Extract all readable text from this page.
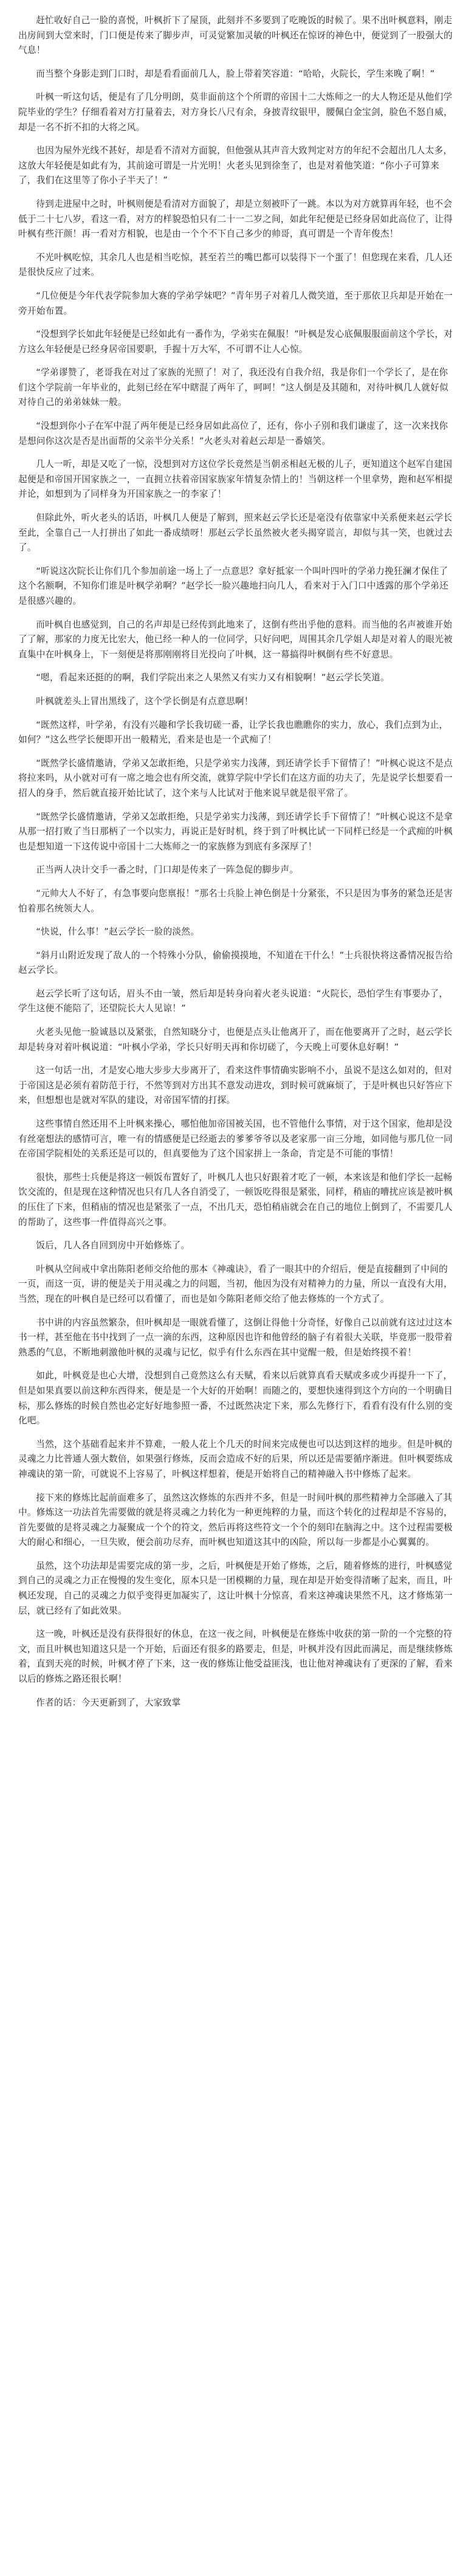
赶忙收好自己一脸的喜悦，叶枫折下了屋顶，此刻并不多要到了吃晚饭的时候了。果不出叶枫意料，刚走出房间到大堂来时，门口便是传来了脚步声，可灵觉繁加灵敏的叶枫还在惊讶的神色中，便觉到了一股强大的气息！

而当整个身影走到门口时，却是看看面前几人，脸上带着笑容道：“哈哈，火院长，学生来晚了啊！”

叶枫一听这句话，便是有了几分明朗，莫非面前这个个所谓的帝国十二大炼师之一的大人物还是从他们学院毕业的学生？仔细看着对方打量着去，对方身长八尺有余，身披青纹银甲，腰佩白金宝剑，脸色不怒自威，却是一名不折不扣的大将之风。

也因为屋外光线不甚好，却是看不清对方面貌，但他强从其声音大致判定对方的年纪不会超出几人太多，这放大年轻便是如此有为，其前途可谓是一片光明！火老头见到徐奎了，也是对着他笑道：“你小子可算来了，我们在这里等了你小子半天了！”

待到走进屋中之时，叶枫则便是看清对方面貌了，却是立刻被吓了一跳。本以为对方就算再年轻，也不会低于二十七八岁，看这一看，对方的样貌恐怕只有二十一二岁之间，如此年纪便是已经身居如此高位了，让得叶枫有些汗颜！再一看对方相貌，也是由一个个不下自己多少的帅哥，真可谓是一个青年俊杰！

不光叶枫吃惊，其余几人也是相当吃惊，甚至若兰的嘴巴都可以装得下一个蛋了！但您现在来看，几人还是很快反应了过来。

“几位便是今年代表学院参加大赛的学弟学妹吧？”青年男子对着几人微笑道，至于那依卫兵却是开始在一旁开始布置。

“没想到学长如此年轻便是已经如此有一番作为，学弟实在佩服！”叶枫是发心底佩服服面前这个学长，对方这么年轻便是已经身居帝国要职，手握十万大军，不可谓不让人心惊。

“学弟谬赞了，老哥我在对过了家族的光照了！对了，我还没有自我介绍，我是你们一个学长了，是在你们这个学院前一年毕业的，此刻已经在军中瞎混了两年了，呵呵！”这人倒是及其随和，对待叶枫几人就好似对待自己的弟弟妹妹一般。

“没想到你小子在军中混了两年便是已经身居如此高位了，还有，你小子别和我们谦虚了，这一次来找你是想问你这次是否是出面帮的父亲半分关系！”火老头对着赵云却是一番嬉笑。

几人一听，却是又吃了一惊，没想到对方这位学长竟然是当朝丞相赵无极的儿子，更知道这个赵军自建国起便是和帝国开国家族之一，一直拥立扶着帝国家族家年情复杂情上的！当朝这样一个里拿势，跑和赵军相提并论，如想到为了同样身为开国家族之一的李家了！

但除此外，听火老头的话语，叶枫几人便是了解到，照来赵云学长还是毫没有依靠家中关系便来赵云学长至此，全靠自己一人打拼出了如此一番成绩呀！那赵云学长虽然被火老头揭穿谎言，却似与其一笑，也就过去了。

“听说这次院长让你们几个参加前途一场上了一点意思？拿好抵家一个叫叶四叶的学弟力挽狂澜才保住了这个名额啊，不知你们谁是叶枫学弟啊？”赵学长一脸兴趣地扫向几人，看来对于入门口中透露的那个学弟还是很感兴趣的。

而叶枫自也感觉到，自己的名声却是已经传到此地来了，这倒有些出乎他的意料。而当他的名声被谁开始了了解，那家的力度无比宏大，他已经一种人的一位同学，只好问吧，周围其余几学姐人却是对着人的眼光被直集中在叶枫身上，下一刻便是将那刚刚将目光投向了叶枫，这一幕搞得叶枫倒有些不好意思。

“嗯，看起来还挺的的啊，我们学院出来之人果然又有实力又有相貌啊！”赵云学长笑道。

叶枫就差头上冒出黑线了，这个学长倒是有点意思啊！

“既然这样，叶学弟，有没有兴趣和学长我切磋一番，让学长我也瞧瞧你的实力，放心，我们点到为止，如何？”这么些学长便即开出一般精光，看来是也是一个武痴了！

“既然学长盛情邀请，学弟又怎敢拒绝，只是学弟实力浅薄，到还请学长手下留情了！”叶枫心说这不是点将拉来吗，从小就对可有一席之地会也有所交流，就算学院中学长们在这方面的功夫了，先是说学长想要看一招人的身手，然后就直接开始比试了，这个来与人比试对于他来说早就是很平常了。

“既然学长盛情邀请，学弟又怎敢拒绝，只是学弟实力浅薄，到还请学长手下留情了！”叶枫心说这不是拿从那一招打败了当日那柄了一个以实力，再说正是好时机，终于到了叶枫比试一下同样已经是一个武痴的叶枫也是想知道一下这传说中帝国十二大炼师之一的家族修为到底有多深厚了！

正当两人决计交手一番之时，门口却是传来了一阵急促的脚步声。

“元帅大人不好了，有急事要向您禀报！”那名士兵脸上神色倒是十分紧张，不只是因为事务的紧急还是害怕着那名统领大人。

“快说，什么事！”赵云学长一脸的淡然。

“斜月山附近发现了敌人的一个特殊小分队，偷偷摸摸地，不知道在干什么！”士兵很快将这番情况报告给赵云学长。

赵云学长听了这句话，眉头不由一皱，然后却是转身向着火老头说道：“火院长，恐怕学生有事要办了，学生这便不能陪了，还望院长大人见谅！”

火老头见他一脸诚恳以及紧张，自然知晓分寸，也便是点头让他离开了，而在他要离开了之时，赵云学长却是转身对着叶枫说道：“叶枫小学弟，学长只好明天再和你切磋了，今天晚上可要休息好啊！”

这一句话一出，才是安心地大步步大步离开了，看来这件事情确实影响不小，虽说不是这么如对的，但对于帝国这是必须有着防范于行，不然等到对方出其不意发动进攻，到时候可就麻烦了，于是叶枫也只好答应下来，但想想也是就对军队的建设，对帝国军情的打探。

这些事情自然还用不上叶枫来操心，哪怕他加帝国被关国，也不管他什么事情，对于这个国家，他却是没有丝毫想法的感情可言，唯一有的情感便是已经逝去的爹爹爷爷以及老家那一亩三分地，如同他与那几位一同在帝国学院相处的关系还是可以的，但真要他为了这个国家拼上一条命，肯定是不可能的事情！

很快，那些士兵便是将这一顿饭布置好了，叶枫几人也只好跟着才吃了一顿，本来该是和他们学长一起畅饮交流的，但是现在这种情况也只有几人各自消受了，一顿饭吃得很是紧张，同样，稍庙的嘈扰应该是被叶枫的压住了下来，但稍庙的情况也是紧张了一点，不出几天，恐怕稍庙就会在自己的地位上倒到了，不需要几人的帮助了，这些事一件值得高兴之事。

饭后，几人各自回到房中开始修炼了。

叶枫从空间戒中拿出陈阳老师交给他的那本《神魂诀》，看了一眼其中的介绍后，便是直接翻到了中间的一页，而这一页，讲的便是关于用灵魂之力的问题，当初，他因为没有对精神力的力量，所以一直没有大用，当然，现在的叶枫自是已经可以看懂了，而也是如今陈阳老师交给了他去修炼的一个方式了。

书中讲的内容虽然繁杂，但叶枫却是一眼就看懂了，这倒让得他十分奇怪，好像自己以前就有这过过这本书一样，甚至他在书中找到了一点一滴的东西，这种原因也许和他曾经的脑子有着很大关联，毕竟那一股带着熟悉的气息，不断地刺激他叶枫的灵魂与记忆，似乎有什么东西在其中觉醒一般，但是始终摸不着！

如此，叶枫竟是也心大增，没想到自己竟然这么有天赋，看来以后就算真看天赋或多或少再提升一下了，但是如果真要以前这种东西得来，便是是一个大好的开始啊！而随之的，要想快速得到这个方向的一个明确目标，那么修炼的时候自然也必定好好地参照一番，不过既然决定下来，那么先修行下，看看有没有什么别的变化吧。

当然，这个基础看起来并不算难，一般人花上个几天的时间来完成便也可以达到这样的地步。但是叶枫的灵魂之力比普通人强大数倍，如果强行修炼，反而会造成不好的后果，所以还是需要循序渐进。但叶枫要练成神魂诀的第一阶，可就说不上容易了，叶枫这样想着，便是开始将自己的精神融入书中修炼了起来。

接下来的修炼比起前面难多了，虽然这次修炼的东西并不多，但是一时间叶枫的那些精神力全部融入了其中。修炼这一功法首先需要做的就是将灵魂之力转化为一种更纯粹的力量，而这个转化的过程却是不容易的，首先要做的是将灵魂之力凝聚成一个个的符文，然后再将这些符文一个个的刻印在脑海之中。这个过程需要极大的耐心和细心，一旦失败，便会前功尽弃，而叶枫也知道这其中的凶险，所以每一步都是小心翼翼的。

虽然，这个功法却是需要完成的第一步，之后，叶枫便是开始了修炼，之后，随着修炼的进行，叶枫感觉到自己的灵魂之力正在慢慢的发生变化，原本只是一团模糊的力量，现在却是开始变得清晰了起来，而且，叶枫还发现，自己的灵魂之力似乎变得更加凝实了，这让叶枫十分惊喜，看来这神魂诀果然不凡，这才修炼第一层，就已经有了如此效果。

这一晚，叶枫还是没有获得很好的休息，在这一夜之间，叶枫便是在修炼中收获的第一阶的一个完整的符文，而且叶枫也知道这只是一个开始，后面还有很多的路要走，但是，叶枫并没有因此而满足，而是继续修炼着，直到天亮的时候，叶枫才停了下来，这一夜的修炼让他受益匪浅，也让他对神魂诀有了更深的了解，看来以后的修炼之路还很长啊！

作者的话：今天更新到了，大家致掌
